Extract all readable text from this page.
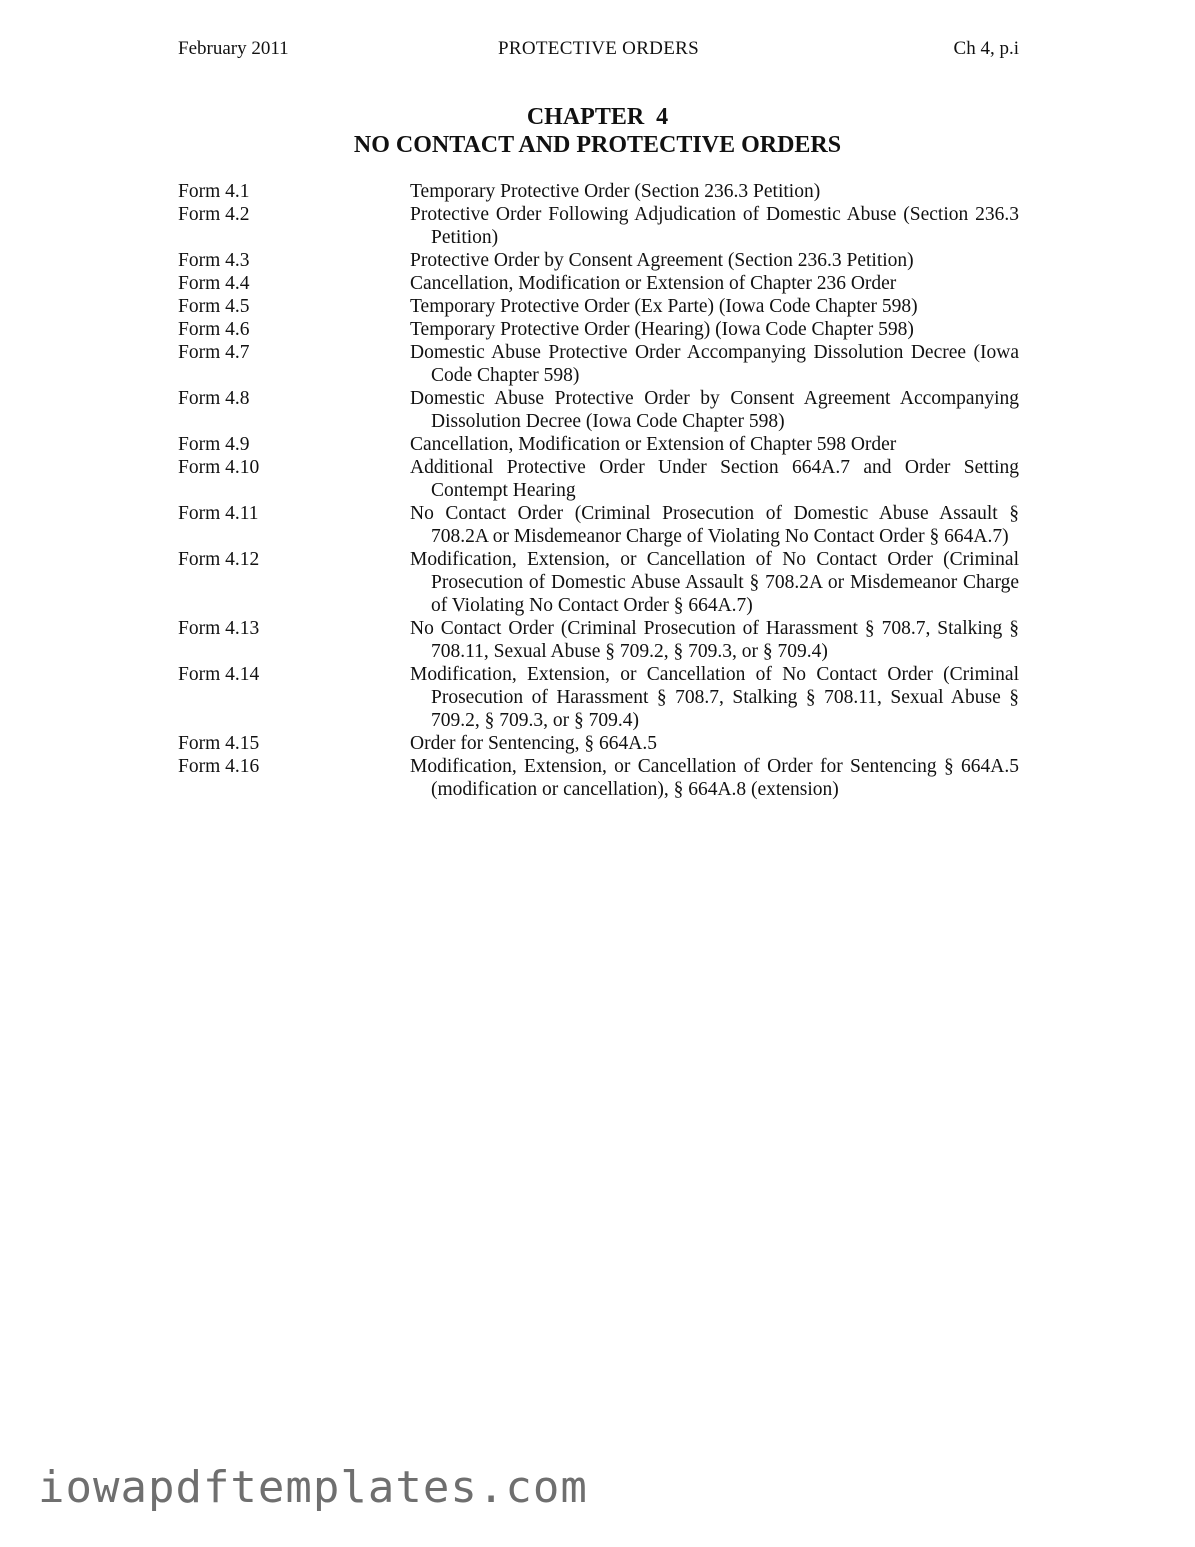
February 2011	PROTECTIVE ORDERS	Ch 4, p.i
CHAPTER  4
NO CONTACT AND PROTECTIVE ORDERS
Form 4.1	Temporary Protective Order (Section 236.3 Petition)
Form 4.2	Protective Order Following Adjudication of Domestic Abuse (Section 236.3 Petition)
Form 4.3	Protective Order by Consent Agreement (Section 236.3 Petition)
Form 4.4	Cancellation, Modification or Extension of Chapter 236 Order
Form 4.5	Temporary Protective Order (Ex Parte) (Iowa Code Chapter 598)
Form 4.6	Temporary Protective Order (Hearing) (Iowa Code Chapter 598)
Form 4.7	Domestic Abuse Protective Order Accompanying Dissolution Decree (Iowa Code Chapter 598)
Form 4.8	Domestic Abuse Protective Order by Consent Agreement Accompanying Dissolution Decree (Iowa Code Chapter 598)
Form 4.9	Cancellation, Modification or Extension of Chapter 598 Order
Form 4.10	Additional Protective Order Under Section 664A.7 and Order Setting Contempt Hearing
Form 4.11	No Contact Order (Criminal Prosecution of Domestic Abuse Assault § 708.2A or Misdemeanor Charge of Violating No Contact Order § 664A.7)
Form 4.12	Modification, Extension, or Cancellation of No Contact Order (Criminal Prosecution of Domestic Abuse Assault § 708.2A or Misdemeanor Charge of Violating No Contact Order § 664A.7)
Form 4.13	No Contact Order (Criminal Prosecution of Harassment § 708.7, Stalking § 708.11, Sexual Abuse § 709.2, § 709.3, or § 709.4)
Form 4.14	Modification, Extension, or Cancellation of No Contact Order (Criminal Prosecution of Harassment § 708.7, Stalking § 708.11, Sexual Abuse § 709.2, § 709.3, or § 709.4)
Form 4.15	Order for Sentencing, § 664A.5
Form 4.16	Modification, Extension, or Cancellation of Order for Sentencing § 664A.5 (modification or cancellation), § 664A.8 (extension)
iowapdftemplates.com
